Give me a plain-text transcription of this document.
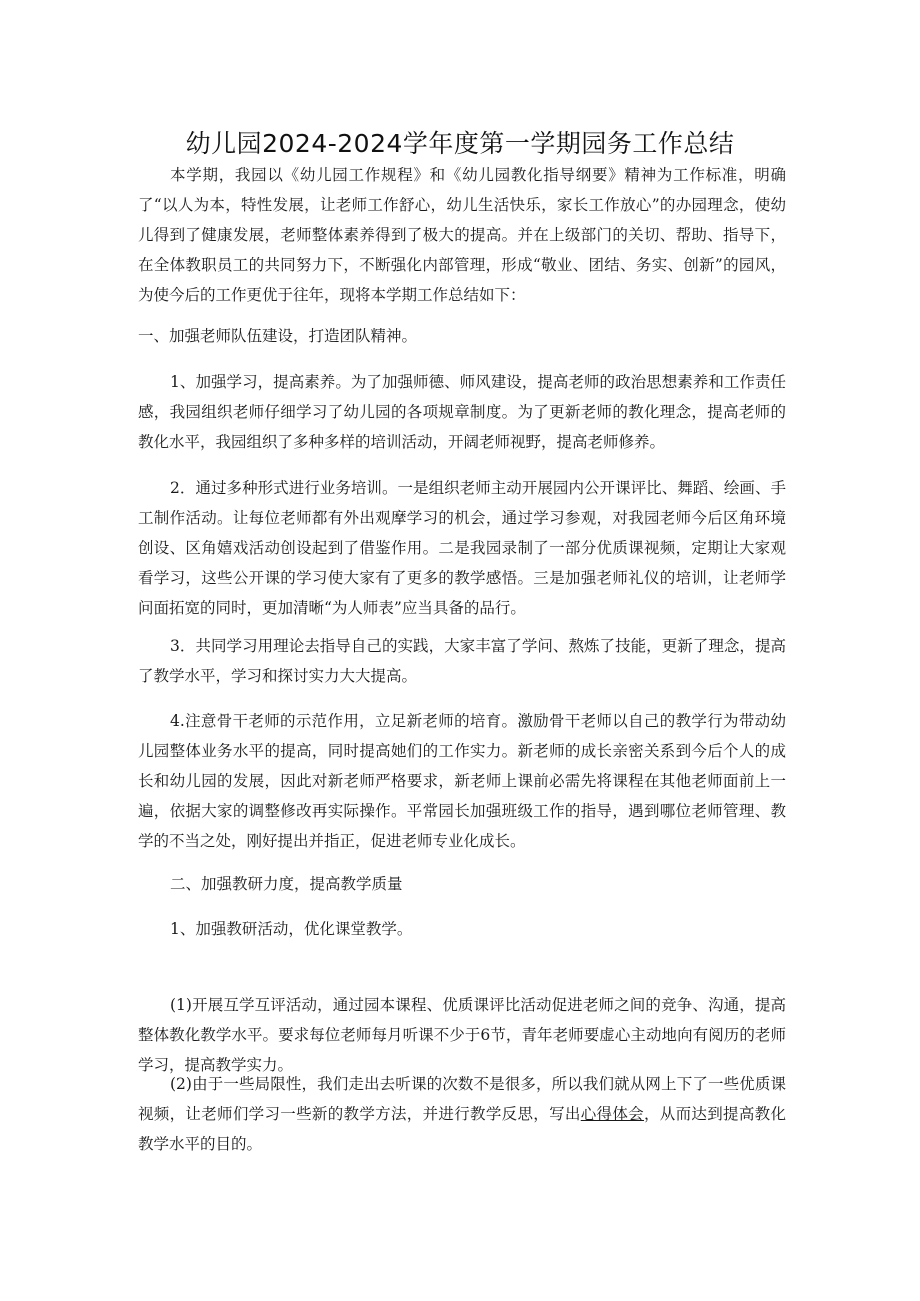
幼儿园2024-2024学年度第一学期园务工作总结

本学期，我园以《幼儿园工作规程》和《幼儿园教化指导纲要》精神为工作标准，明确了“以人为本，特性发展，让老师工作舒心，幼儿生活快乐，家长工作放心”的办园理念，使幼儿得到了健康发展，老师整体素养得到了极大的提高。并在上级部门的关切、帮助、指导下，在全体教职员工的共同努力下，不断强化内部管理，形成“敬业、团结、务实、创新”的园风，为使今后的工作更优于往年，现将本学期工作总结如下：

一、加强老师队伍建设，打造团队精神。

1、加强学习，提高素养。为了加强师德、师风建设，提高老师的政治思想素养和工作责任感，我园组织老师仔细学习了幼儿园的各项规章制度。为了更新老师的教化理念，提高老师的教化水平，我园组织了多种多样的培训活动，开阔老师视野，提高老师修养。

2．通过多种形式进行业务培训。一是组织老师主动开展园内公开课评比、舞蹈、绘画、手工制作活动。让每位老师都有外出观摩学习的机会，通过学习参观，对我园老师今后区角环境创设、区角嬉戏活动创设起到了借鉴作用。二是我园录制了一部分优质课视频，定期让大家观看学习，这些公开课的学习使大家有了更多的教学感悟。三是加强老师礼仪的培训，让老师学问面拓宽的同时，更加清晰“为人师表”应当具备的品行。

3．共同学习用理论去指导自己的实践，大家丰富了学问、熬炼了技能，更新了理念，提高了教学水平，学习和探讨实力大大提高。

4.注意骨干老师的示范作用，立足新老师的培育。激励骨干老师以自己的教学行为带动幼儿园整体业务水平的提高，同时提高她们的工作实力。新老师的成长亲密关系到今后个人的成长和幼儿园的发展，因此对新老师严格要求，新老师上课前必需先将课程在其他老师面前上一遍，依据大家的调整修改再实际操作。平常园长加强班级工作的指导，遇到哪位老师管理、教学的不当之处，刚好提出并指正，促进老师专业化成长。

二、加强教研力度，提高教学质量

1、加强教研活动，优化课堂教学。

(1)开展互学互评活动，通过园本课程、优质课评比活动促进老师之间的竞争、沟通，提高整体教化教学水平。要求每位老师每月听课不少于6节，青年老师要虚心主动地向有阅历的老师学习，提高教学实力。

(2)由于一些局限性，我们走出去听课的次数不是很多，所以我们就从网上下了一些优质课视频，让老师们学习一些新的教学方法，并进行教学反思，写出心得体会，从而达到提高教化教学水平的目的。
